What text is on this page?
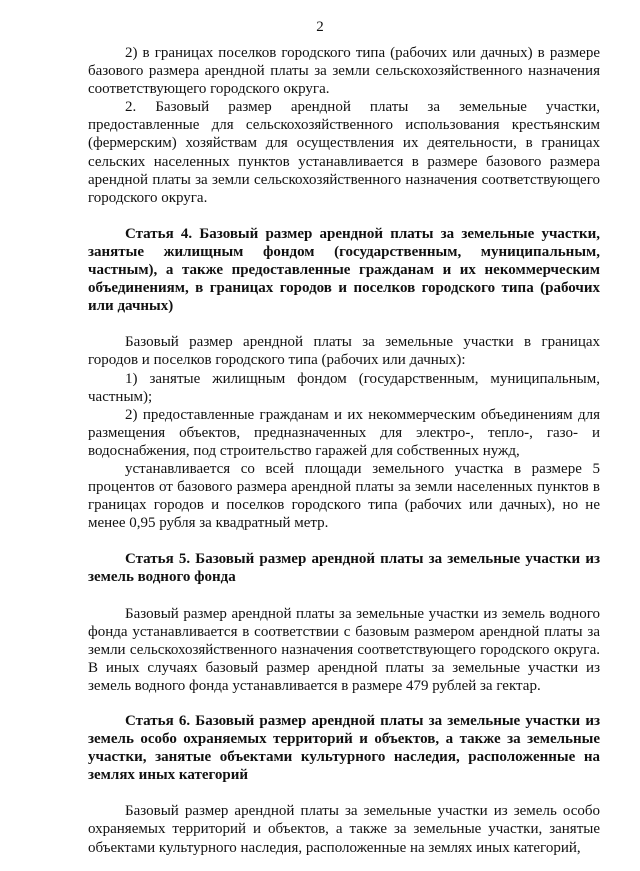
2

2) в границах поселков городского типа (рабочих или дачных) в размере базового размера арендной платы за земли сельскохозяйственного назначения соответствующего городского округа.

2. Базовый размер арендной платы за земельные участки, предоставленные для сельскохозяйственного использования крестьянским (фермерским) хозяйствам для осуществления их деятельности, в границах сельских населенных пунктов устанавливается в размере базового размера арендной платы за земли сельскохозяйственного назначения соответствующего городского округа.

Статья 4. Базовый размер арендной платы за земельные участки, занятые жилищным фондом (государственным, муниципальным, частным), а также предоставленные гражданам и их некоммерческим объединениям, в границах городов и поселков городского типа (рабочих или дачных)

Базовый размер арендной платы за земельные участки в границах городов и поселков городского типа (рабочих или дачных):

1) занятые жилищным фондом (государственным, муниципальным, частным);

2) предоставленные гражданам и их некоммерческим объединениям для размещения объектов, предназначенных для электро-, тепло-, газо- и водоснабжения, под строительство гаражей для собственных нужд,

устанавливается со всей площади земельного участка в размере 5 процентов от базового размера арендной платы за земли населенных пунктов в границах городов и поселков городского типа (рабочих или дачных), но не менее 0,95 рубля за квадратный метр.

Статья 5. Базовый размер арендной платы за земельные участки из земель водного фонда

Базовый размер арендной платы за земельные участки из земель водного фонда устанавливается в соответствии с базовым размером арендной платы за земли сельскохозяйственного назначения соответствующего городского округа. В иных случаях базовый размер арендной платы за земельные участки из земель водного фонда устанавливается в размере 479 рублей за гектар.

Статья 6. Базовый размер арендной платы за земельные участки из земель особо охраняемых территорий и объектов, а также за земельные участки, занятые объектами культурного наследия, расположенные на землях иных категорий

Базовый размер арендной платы за земельные участки из земель особо охраняемых территорий и объектов, а также за земельные участки, занятые объектами культурного наследия, расположенные на землях иных категорий,
